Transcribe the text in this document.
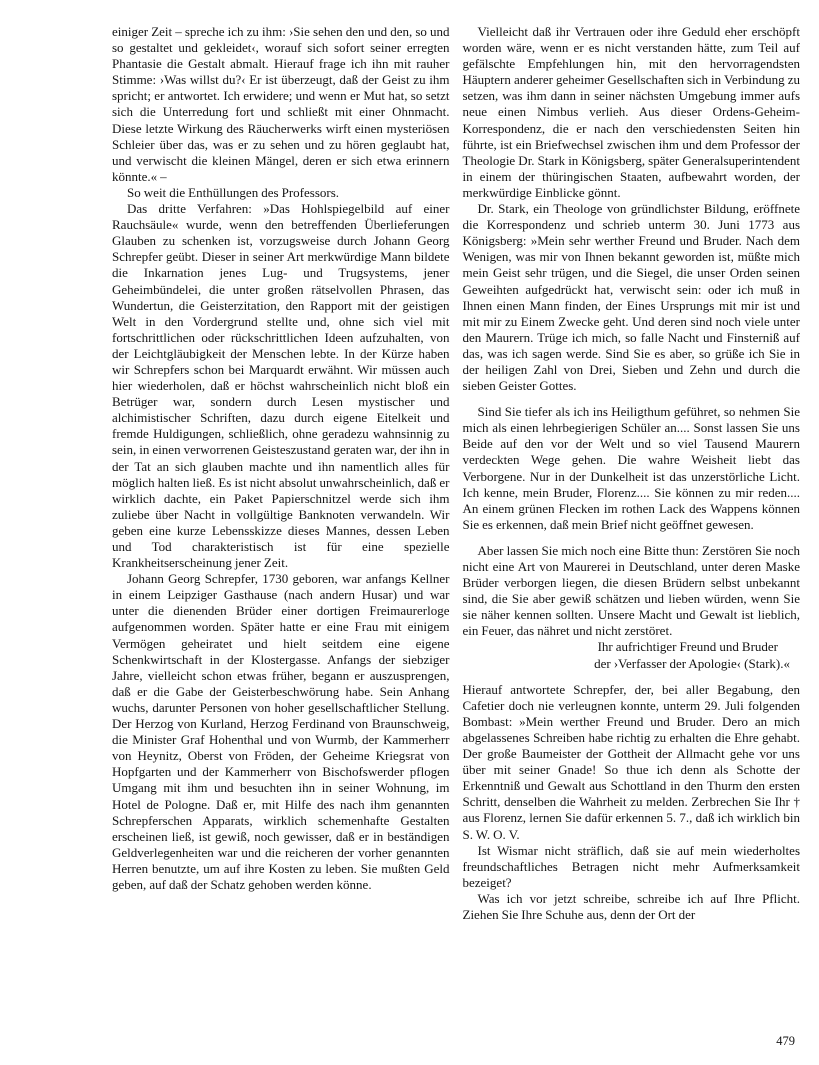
einiger Zeit – spreche ich zu ihm: ›Sie sehen den und den, so und so gestaltet und gekleidet‹, worauf sich sofort seiner erregten Phantasie die Gestalt abmalt. Hierauf frage ich ihn mit rauher Stimme: ›Was willst du?‹ Er ist überzeugt, daß der Geist zu ihm spricht; er antwortet. Ich erwidere; und wenn er Mut hat, so setzt sich die Unterredung fort und schließt mit einer Ohnmacht. Diese letzte Wirkung des Räucherwerks wirft einen mysteriösen Schleier über das, was er zu sehen und zu hören geglaubt hat, und verwischt die kleinen Mängel, deren er sich etwa erinnern könnte.« –

So weit die Enthüllungen des Professors.

Das dritte Verfahren: »Das Hohlspiegelbild auf einer Rauchsäule« wurde, wenn den betreffenden Überlieferungen Glauben zu schenken ist, vorzugsweise durch Johann Georg Schrepfer geübt. Dieser in seiner Art merkwürdige Mann bildete die Inkarnation jenes Lug- und Trugsystems, jener Geheimbündelei, die unter großen rätselvollen Phrasen, das Wundertun, die Geisterzitation, den Rapport mit der geistigen Welt in den Vordergrund stellte und, ohne sich viel mit fortschrittlichen oder rückschrittlichen Ideen aufzuhalten, von der Leichtgläubigkeit der Menschen lebte. In der Kürze haben wir Schrepfers schon bei Marquardt erwähnt. Wir müssen auch hier wiederholen, daß er höchst wahrscheinlich nicht bloß ein Betrüger war, sondern durch Lesen mystischer und alchimistischer Schriften, dazu durch eigene Eitelkeit und fremde Huldigungen, schließlich, ohne geradezu wahnsinnig zu sein, in einen verworrenen Geisteszustand geraten war, der ihn in der Tat an sich glauben machte und ihn namentlich alles für möglich halten ließ. Es ist nicht absolut unwahrscheinlich, daß er wirklich dachte, ein Paket Papierschnitzel werde sich ihm zuliebe über Nacht in vollgültige Banknoten verwandeln. Wir geben eine kurze Lebensskizze dieses Mannes, dessen Leben und Tod charakteristisch ist für eine spezielle Krankheitserscheinung jener Zeit.

Johann Georg Schrepfer, 1730 geboren, war anfangs Kellner in einem Leipziger Gasthause (nach andern Husar) und war unter die dienenden Brüder einer dortigen Freimaurerloge aufgenommen worden. Später hatte er eine Frau mit einigem Vermögen geheiratet und hielt seitdem eine eigene Schenkwirtschaft in der Klostergasse. Anfangs der siebziger Jahre, vielleicht schon etwas früher, begann er auszusprengen, daß er die Gabe der Geisterbeschwörung habe. Sein Anhang wuchs, darunter Personen von hoher gesellschaftlicher Stellung. Der Herzog von Kurland, Herzog Ferdinand von Braunschweig, die Minister Graf Hohenthal und von Wurmb, der Kammerherr von Heynitz, Oberst von Fröden, der Geheime Kriegsrat von Hopfgarten und der Kammerherr von Bischofswerder pflogen Umgang mit ihm und besuchten ihn in seiner Wohnung, im Hotel de Pologne. Daß er, mit Hilfe des nach ihm genannten Schrepferschen Apparats, wirklich schemenhafte Gestalten erscheinen ließ, ist gewiß, noch gewisser, daß er in beständigen Geldverlegenheiten war und die reicheren der vorher genannten Herren benutzte, um auf ihre Kosten zu leben. Sie mußten Geld geben, auf daß der Schatz gehoben werden könne.

Vielleicht daß ihr Vertrauen oder ihre Geduld eher erschöpft worden wäre, wenn er es nicht verstanden hätte, zum Teil auf gefälschte Empfehlungen hin, mit den hervorragendsten Häuptern anderer geheimer Gesellschaften sich in Verbindung zu setzen, was ihm dann in seiner nächsten Umgebung immer aufs neue einen Nimbus verlieh. Aus dieser Ordens-Geheim-Korrespondenz, die er nach den verschiedensten Seiten hin führte, ist ein Briefwechsel zwischen ihm und dem Professor der Theologie Dr. Stark in Königsberg, später Generalsuperintendent in einem der thüringischen Staaten, aufbewahrt worden, der merkwürdige Einblicke gönnt.

Dr. Stark, ein Theologe von gründlichster Bildung, eröffnete die Korrespondenz und schrieb unterm 30. Juni 1773 aus Königsberg: »Mein sehr werther Freund und Bruder. Nach dem Wenigen, was mir von Ihnen bekannt geworden ist, müßte mich mein Geist sehr trügen, und die Siegel, die unser Orden seinen Geweihten aufgedrückt hat, verwischt sein: oder ich muß in Ihnen einen Mann finden, der Eines Ursprungs mit mir ist und mit mir zu Einem Zwecke geht. Und deren sind noch viele unter den Maurern. Trüge ich mich, so falle Nacht und Finsterniß auf das, was ich sagen werde. Sind Sie es aber, so grüße ich Sie in der heiligen Zahl von Drei, Sieben und Zehn und durch die sieben Geister Gottes.

Sind Sie tiefer als ich ins Heiligthum geführet, so nehmen Sie mich als einen lehrbegierigen Schüler an.... Sonst lassen Sie uns Beide auf den vor der Welt und so viel Tausend Maurern verdeckten Wege gehen. Die wahre Weisheit liebt das Verborgene. Nur in der Dunkelheit ist das unzerstörliche Licht. Ich kenne, mein Bruder, Florenz.... Sie können zu mir reden.... An einem grünen Flecken im rothen Lack des Wappens können Sie es erkennen, daß mein Brief nicht geöffnet gewesen.

Aber lassen Sie mich noch eine Bitte thun: Zerstören Sie noch nicht eine Art von Maurerei in Deutschland, unter deren Maske Brüder verborgen liegen, die diesen Brüdern selbst unbekannt sind, die Sie aber gewiß schätzen und lieben würden, wenn Sie sie näher kennen sollten. Unsere Macht und Gewalt ist lieblich, ein Feuer, das nähret und nicht zerstöret.

Ihr aufrichtiger Freund und Bruder

der ›Verfasser der Apologie‹ (Stark).«

Hierauf antwortete Schrepfer, der, bei aller Begabung, den Cafetier doch nie verleugnen konnte, unterm 29. Juli folgenden Bombast: »Mein werther Freund und Bruder. Dero an mich abgelassenes Schreiben habe richtig zu erhalten die Ehre gehabt. Der große Baumeister der Gottheit der Allmacht gehe vor uns über mit seiner Gnade! So thue ich denn als Schotte der Erkenntniß und Gewalt aus Schottland in den Thurm den ersten Schritt, denselben die Wahrheit zu melden. Zerbrechen Sie Ihr † aus Florenz, lernen Sie dafür erkennen 5. 7., daß ich wirklich bin S. W. O. V.

Ist Wismar nicht sträflich, daß sie auf mein wiederholtes freundschaftliches Betragen nicht mehr Aufmerksamkeit bezeiget?

Was ich vor jetzt schreibe, schreibe ich auf Ihre Pflicht. Ziehen Sie Ihre Schuhe aus, denn der Ort der

479
